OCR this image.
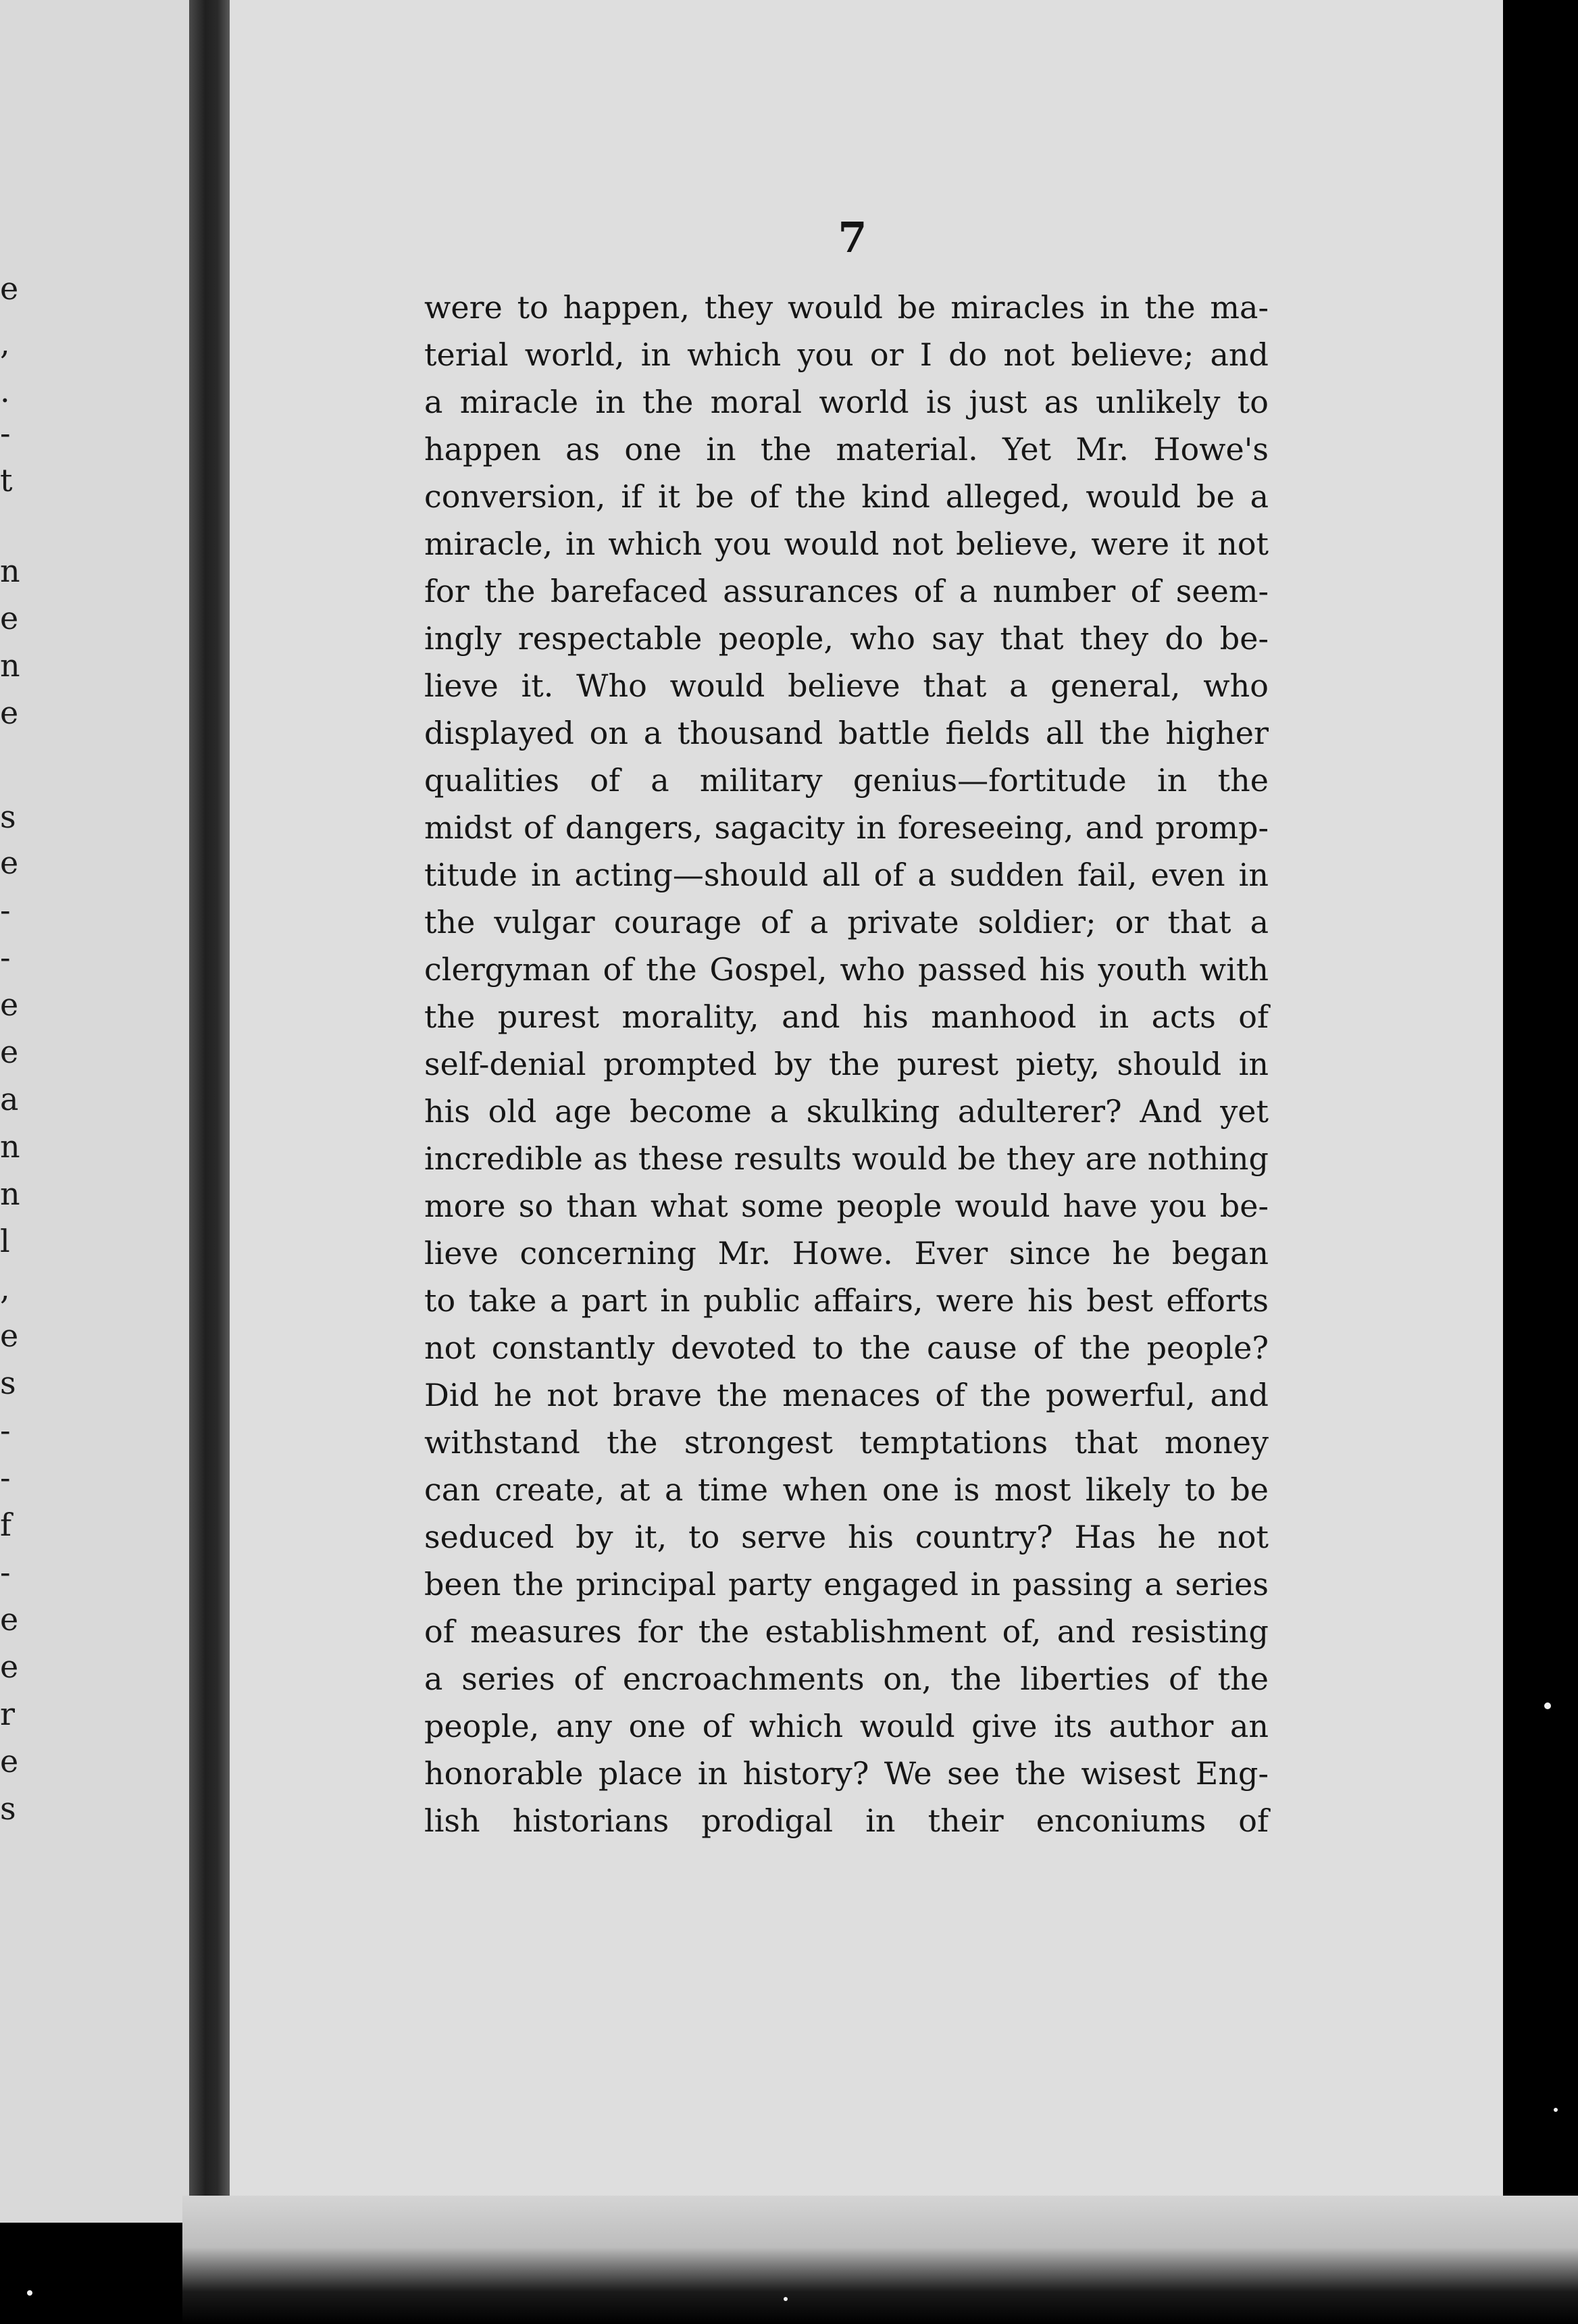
e
,
.
-
t
n
e
n
e
s
e
-
-
e
e
a
n
n
l
,
e
s
-
-
f
-
e
e
r
e
s
7
were to happen, they would be miracles in the ma-
terial world, in which you or I do not believe; and
a miracle in the moral world is just as unlikely to
happen as one in the material. Yet Mr. Howe's
conversion, if it be of the kind alleged, would be a
miracle, in which you would not believe, were it not
for the barefaced assurances of a number of seem-
ingly respectable people, who say that they do be-
lieve it. Who would believe that a general, who
displayed on a thousand battle fields all the higher
qualities of a military genius—fortitude in the
midst of dangers, sagacity in foreseeing, and promp-
titude in acting—should all of a sudden fail, even in
the vulgar courage of a private soldier; or that a
clergyman of the Gospel, who passed his youth with
the purest morality, and his manhood in acts of
self-denial prompted by the purest piety, should in
his old age become a skulking adulterer? And yet
incredible as these results would be they are nothing
more so than what some people would have you be-
lieve concerning Mr. Howe. Ever since he began
to take a part in public affairs, were his best efforts
not constantly devoted to the cause of the people?
Did he not brave the menaces of the powerful, and
withstand the strongest temptations that money
can create, at a time when one is most likely to be
seduced by it, to serve his country? Has he not
been the principal party engaged in passing a series
of measures for the establishment of, and resisting
a series of encroachments on, the liberties of the
people, any one of which would give its author an
honorable place in history? We see the wisest Eng-
lish historians prodigal in their enconiums of
